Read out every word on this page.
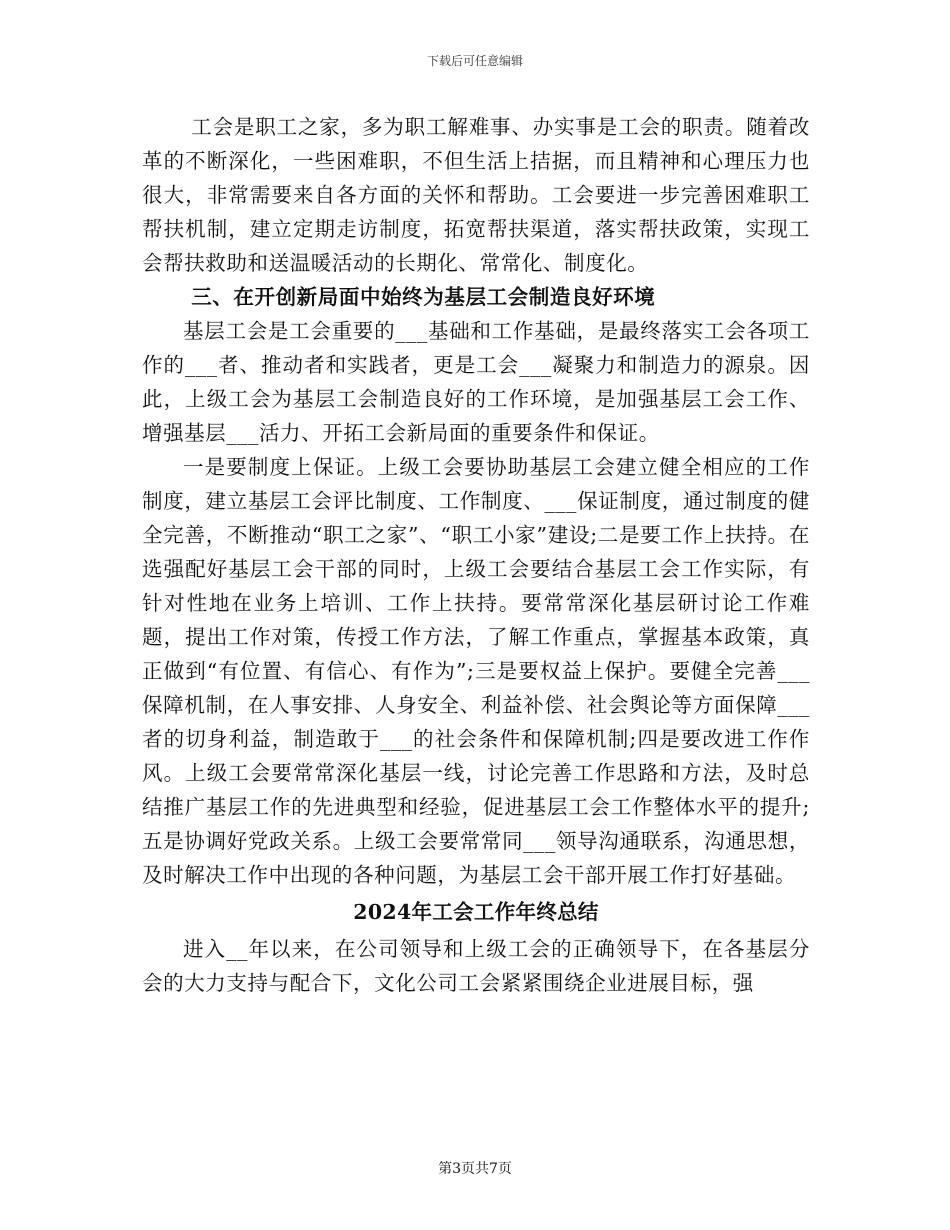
下载后可任意编辑

工会是职工之家，多为职工解难事、办实事是工会的职责。随着改革的不断深化，一些困难职，不但生活上拮据，而且精神和心理压力也很大，非常需要来自各方面的关怀和帮助。工会要进一步完善困难职工帮扶机制，建立定期走访制度，拓宽帮扶渠道，落实帮扶政策，实现工会帮扶救助和送温暖活动的长期化、常常化、制度化。

三、在开创新局面中始终为基层工会制造良好环境

基层工会是工会重要的___基础和工作基础，是最终落实工会各项工作的___者、推动者和实践者，更是工会___凝聚力和制造力的源泉。因此，上级工会为基层工会制造良好的工作环境，是加强基层工会工作、增强基层___活力、开拓工会新局面的重要条件和保证。

一是要制度上保证。上级工会要协助基层工会建立健全相应的工作制度，建立基层工会评比制度、工作制度、___保证制度，通过制度的健全完善，不断推动“职工之家”、“职工小家”建设;二是要工作上扶持。在选强配好基层工会干部的同时，上级工会要结合基层工会工作实际，有针对性地在业务上培训、工作上扶持。要常常深化基层研讨论工作难题，提出工作对策，传授工作方法，了解工作重点，掌握基本政策，真正做到“有位置、有信心、有作为”;三是要权益上保护。要健全完善___保障机制，在人事安排、人身安全、利益补偿、社会舆论等方面保障___者的切身利益，制造敢于___的社会条件和保障机制;四是要改进工作作风。上级工会要常常深化基层一线，讨论完善工作思路和方法，及时总结推广基层工作的先进典型和经验，促进基层工会工作整体水平的提升;五是协调好党政关系。上级工会要常常同___领导沟通联系，沟通思想，及时解决工作中出现的各种问题，为基层工会干部开展工作打好基础。

2024年工会工作年终总结

进入__年以来，在公司领导和上级工会的正确领导下，在各基层分会的大力支持与配合下，文化公司工会紧紧围绕企业进展目标，强

第3页共7页
